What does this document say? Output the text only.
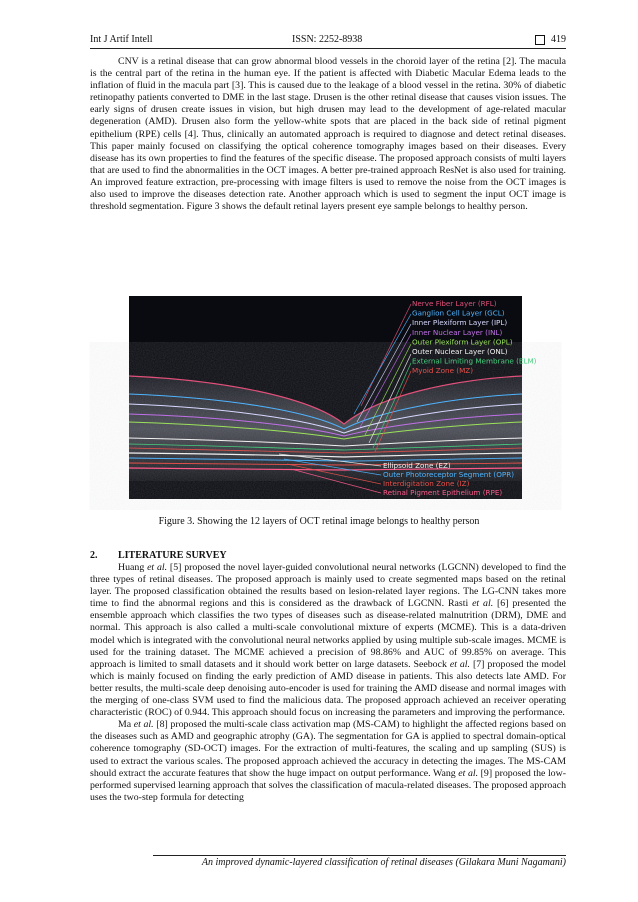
Int J Artif Intell	ISSN: 2252-8938	419

CNV is a retinal disease that can grow abnormal blood vessels in the choroid layer of the retina [2]. The macula is the central part of the retina in the human eye. If the patient is affected with Diabetic Macular Edema leads to the inflation of fluid in the macula part [3]. This is caused due to the leakage of a blood vessel in the retina. 30% of diabetic retinopathy patients converted to DME in the last stage. Drusen is the other retinal disease that causes vision issues. The early signs of drusen create issues in vision, but high drusen may lead to the development of age-related macular degeneration (AMD). Drusen also form the yellow-white spots that are placed in the back side of retinal pigment epithelium (RPE) cells [4]. Thus, clinically an automated approach is required to diagnose and detect retinal diseases. This paper mainly focused on classifying the optical coherence tomography images based on their diseases. Every disease has its own properties to find the features of the specific disease. The proposed approach consists of multi layers that are used to find the abnormalities in the OCT images. A better pre-trained approach ResNet is also used for training. An improved feature extraction, pre-processing with image filters is used to remove the noise from the OCT images is also used to improve the diseases detection rate. Another approach which is used to segment the input OCT image is threshold segmentation. Figure 3 shows the default retinal layers present eye sample belongs to healthy person.

Nerve Fiber Layer (RFL)
Ganglion Cell Layer (GCL)
Inner Plexiform Layer (IPL)
Inner Nuclear Layer (INL)
Outer Plexiform Layer (OPL)
Outer Nuclear Layer (ONL)
External Limiting Membrane (ELM)
Myoid Zone (MZ)
Ellipsoid Zone (EZ)
Outer Photoreceptor Segment (OPR)
Interdigitation Zone (IZ)
Retinal Pigment Epithelium (RPE)
Figure 3. Showing the 12 layers of OCT retinal image belongs to healthy person
2. LITERATURE SURVEY

Huang et al. [5] proposed the novel layer-guided convolutional neural networks (LGCNN) developed to find the three types of retinal diseases. The proposed approach is mainly used to create segmented maps based on the retinal layer. The proposed classification obtained the results based on lesion-related layer regions. The LG-CNN takes more time to find the abnormal regions and this is considered as the drawback of LGCNN. Rasti et al. [6] presented the ensemble approach which classifies the two types of diseases such as disease-related malnutrition (DRM), DME and normal. This approach is also called a multi-scale convolutional mixture of experts (MCME). This is a data-driven model which is integrated with the convolutional neural networks applied by using multiple sub-scale images. MCME is used for the training dataset. The MCME achieved a precision of 98.86% and AUC of 99.85% on average. This approach is limited to small datasets and it should work better on large datasets. Seebock et al. [7] proposed the model which is mainly focused on finding the early prediction of AMD disease in patients. This also detects late AMD. For better results, the multi-scale deep denoising auto-encoder is used for training the AMD disease and normal images with the merging of one-class SVM used to find the malicious data. The proposed approach achieved an receiver operating characteristic (ROC) of 0.944. This approach should focus on increasing the parameters and improving the performance.
Ma et al. [8] proposed the multi-scale class activation map (MS-CAM) to highlight the affected regions based on the diseases such as AMD and geographic atrophy (GA). The segmentation for GA is applied to spectral domain-optical coherence tomography (SD-OCT) images. For the extraction of multi-features, the scaling and up sampling (SUS) is used to extract the various scales. The proposed approach achieved the accuracy in detecting the images. The MS-CAM should extract the accurate features that show the huge impact on output performance. Wang et al. [9] proposed the low-performed supervised learning approach that solves the classification of macula-related diseases. The proposed approach uses the two-step formula for detecting

An improved dynamic-layered classification of retinal diseases (Gilakara Muni Nagamani)
